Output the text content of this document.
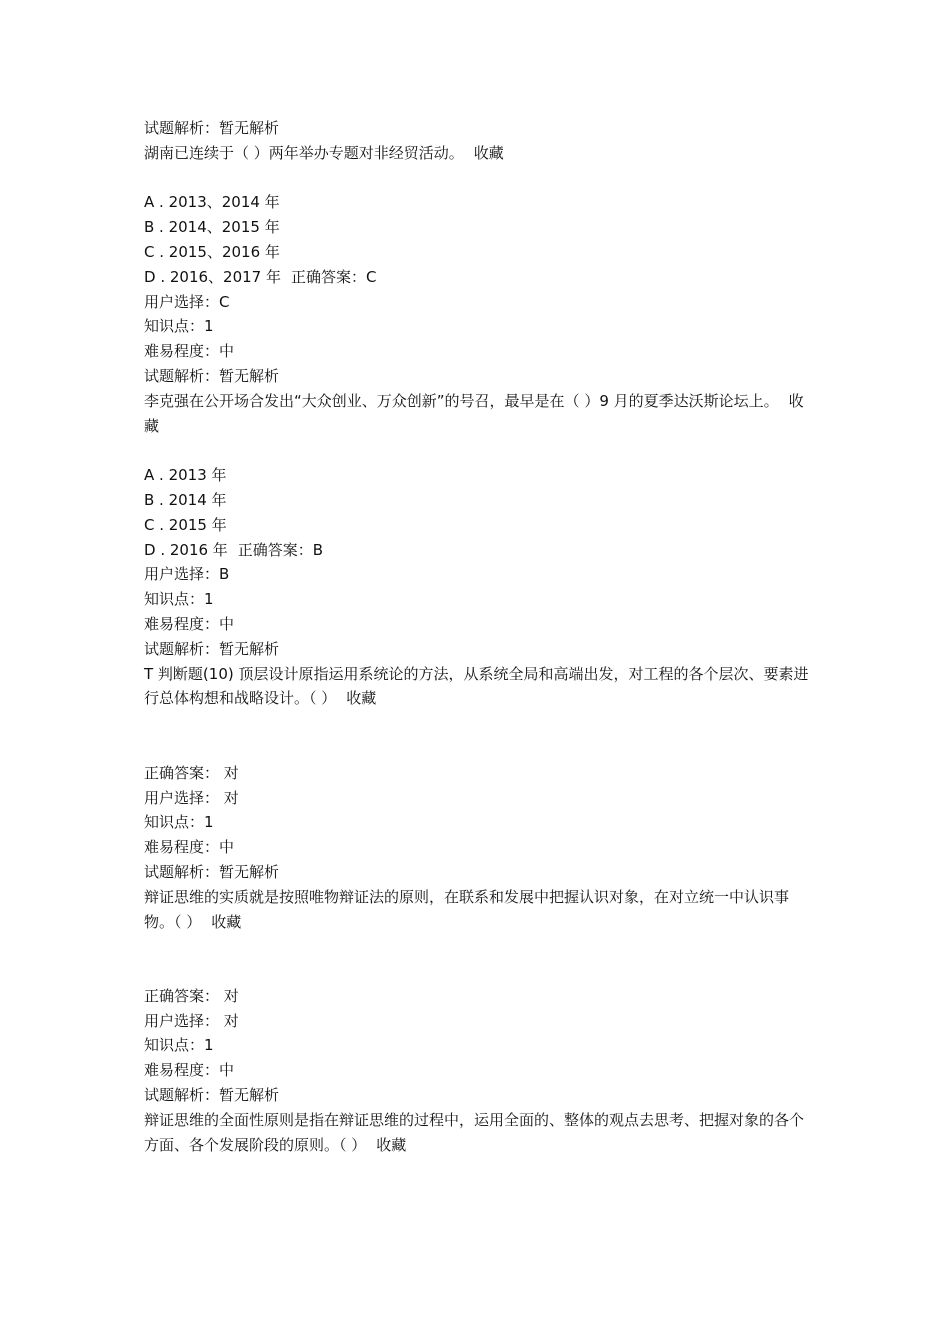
试题解析：暂无解析
湖南已连续于（ ）两年举办专题对非经贸活动。 收藏
A . 2013、2014 年
B . 2014、2015 年
C . 2015、2016 年
D . 2016、2017 年 正确答案：C
用户选择：C
知识点：1
难易程度：中
试题解析：暂无解析
李克强在公开场合发出“大众创业、万众创新”的号召，最早是在（ ）9 月的夏季达沃斯论坛上。 收藏
A . 2013 年
B . 2014 年
C . 2015 年
D . 2016 年 正确答案：B
用户选择：B
知识点：1
难易程度：中
试题解析：暂无解析
T 判断题(10) 顶层设计原指运用系统论的方法，从系统全局和高端出发，对工程的各个层次、要素进行总体构想和战略设计。（ ） 收藏
正确答案： 对
用户选择： 对
知识点：1
难易程度：中
试题解析：暂无解析
辩证思维的实质就是按照唯物辩证法的原则，在联系和发展中把握认识对象，在对立统一中认识事物。（ ） 收藏
正确答案： 对
用户选择： 对
知识点：1
难易程度：中
试题解析：暂无解析
辩证思维的全面性原则是指在辩证思维的过程中，运用全面的、整体的观点去思考、把握对象的各个方面、各个发展阶段的原则。（ ） 收藏
